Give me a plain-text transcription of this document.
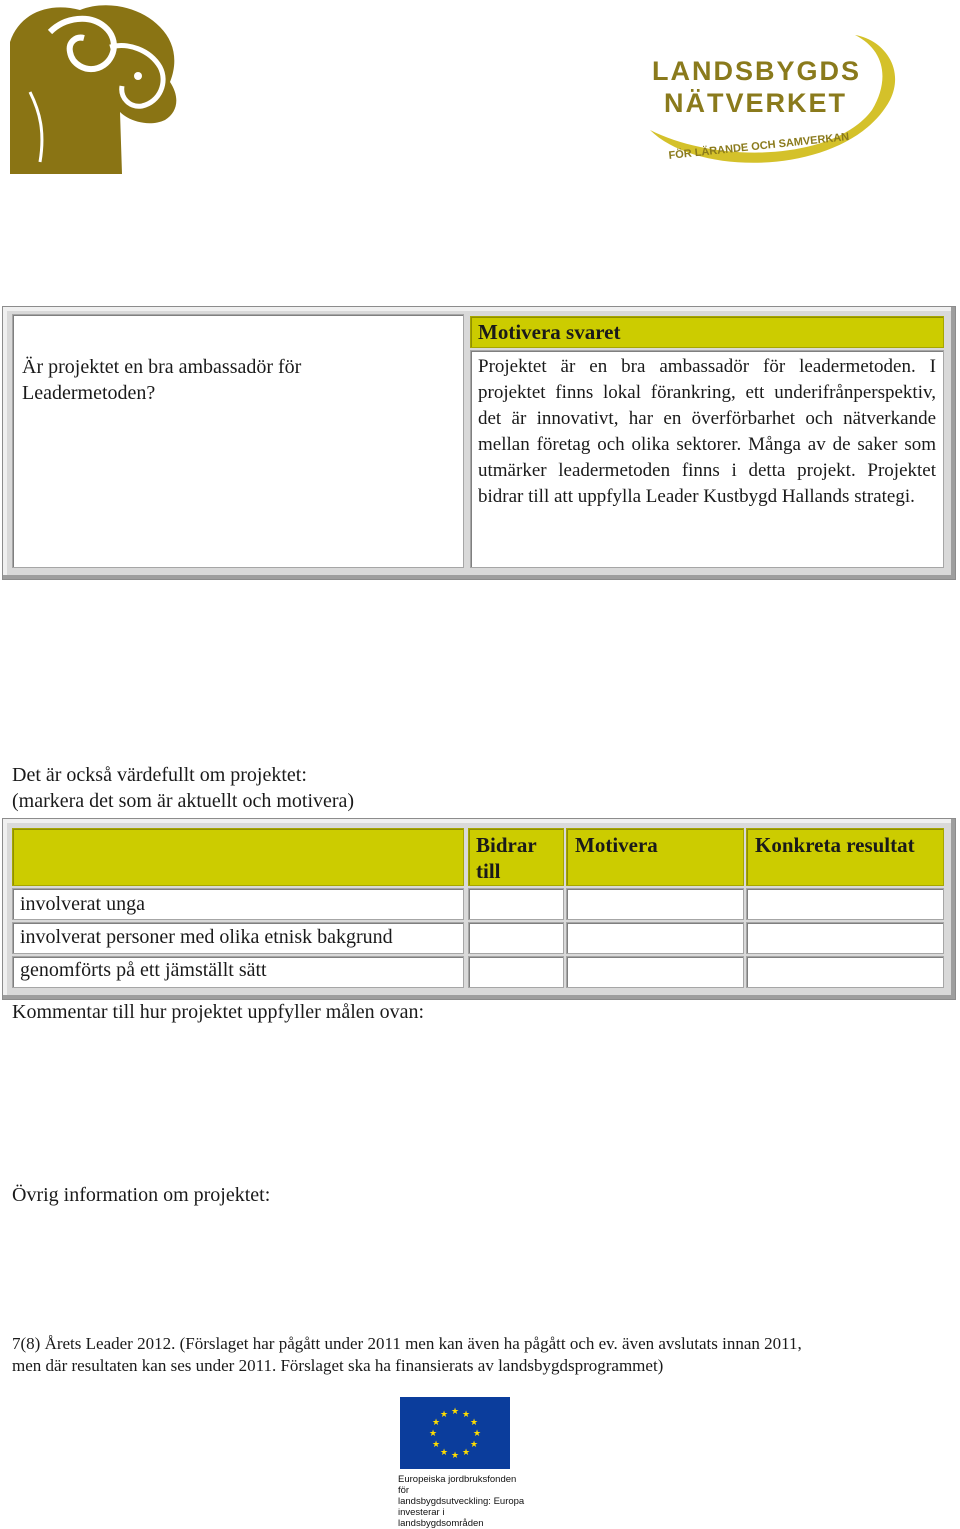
LANDSBYGDS
NÄTVERKET
FÖR LÄRANDE OCH SAMVERKAN
Är projektet en bra ambassadör för Leadermetoden?
Motivera svaret
Projektet är en bra ambassadör för leadermetoden. I projektet finns lokal förankring, ett underifrånperspektiv, det är innovativt, har en överförbarhet och nätverkande mellan företag och olika sektorer. Många av de saker som utmärker leadermetoden finns i detta projekt. Projektet bidrar till att uppfylla Leader Kustbygd Hallands strategi.
Det är också värdefullt om projektet:
(markera det som är aktuellt och motivera)
Bidrar till
Motivera	Konkreta resultat
involverat unga
involverat personer med olika etnisk bakgrund
genomförts på ett jämställt sätt
Kommentar till hur projektet uppfyller målen ovan:
Övrig information om projektet:
7(8) Årets Leader 2012. (Förslaget har pågått under 2011 men kan även ha pågått och ev. även avslutats innan 2011,
men där resultaten kan ses under 2011. Förslaget ska ha finansierats av landsbygdsprogrammet)
★ ★
★
★
★
★
★
★
★
★
★
★
Europeiska jordbruksfonden för
landsbygdsutveckling: Europa
investerar i landsbygdsområden
